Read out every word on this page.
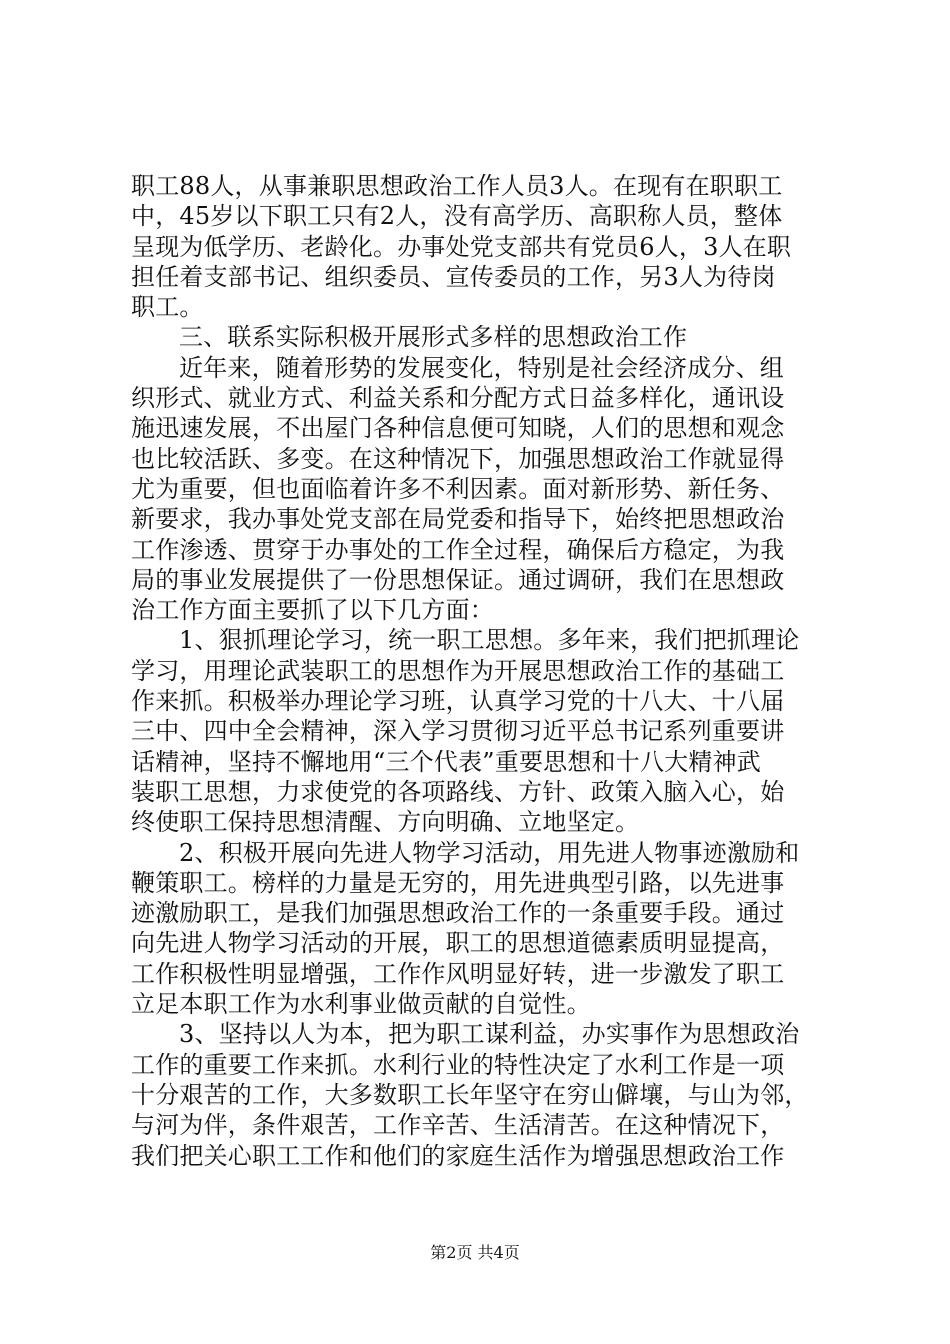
职工88人，从事兼职思想政治工作人员3人。在现有在职职工
中，45岁以下职工只有2人，没有高学历、高职称人员，整体
呈现为低学历、老龄化。办事处党支部共有党员6人，3人在职
担任着支部书记、组织委员、宣传委员的工作，另3人为待岗
职工。
三、联系实际积极开展形式多样的思想政治工作
近年来，随着形势的发展变化，特别是社会经济成分、组
织形式、就业方式、利益关系和分配方式日益多样化，通讯设
施迅速发展，不出屋门各种信息便可知晓，人们的思想和观念
也比较活跃、多变。在这种情况下，加强思想政治工作就显得
尤为重要，但也面临着许多不利因素。面对新形势、新任务、
新要求，我办事处党支部在局党委和指导下，始终把思想政治
工作渗透、贯穿于办事处的工作全过程，确保后方稳定，为我
局的事业发展提供了一份思想保证。通过调研，我们在思想政
治工作方面主要抓了以下几方面：
1、狠抓理论学习，统一职工思想。多年来，我们把抓理论
学习，用理论武装职工的思想作为开展思想政治工作的基础工
作来抓。积极举办理论学习班，认真学习党的十八大、十八届
三中、四中全会精神，深入学习贯彻习近平总书记系列重要讲
话精神，坚持不懈地用“三个代表”重要思想和十八大精神武
装职工思想，力求使党的各项路线、方针、政策入脑入心，始
终使职工保持思想清醒、方向明确、立地坚定。
2、积极开展向先进人物学习活动，用先进人物事迹激励和
鞭策职工。榜样的力量是无穷的，用先进典型引路，以先进事
迹激励职工，是我们加强思想政治工作的一条重要手段。通过
向先进人物学习活动的开展，职工的思想道德素质明显提高，
工作积极性明显增强，工作作风明显好转，进一步激发了职工
立足本职工作为水利事业做贡献的自觉性。
3、坚持以人为本，把为职工谋利益，办实事作为思想政治
工作的重要工作来抓。水利行业的特性决定了水利工作是一项
十分艰苦的工作，大多数职工长年坚守在穷山僻壤，与山为邻，
与河为伴，条件艰苦，工作辛苦、生活清苦。在这种情况下，
我们把关心职工工作和他们的家庭生活作为增强思想政治工作
第2页 共4页
